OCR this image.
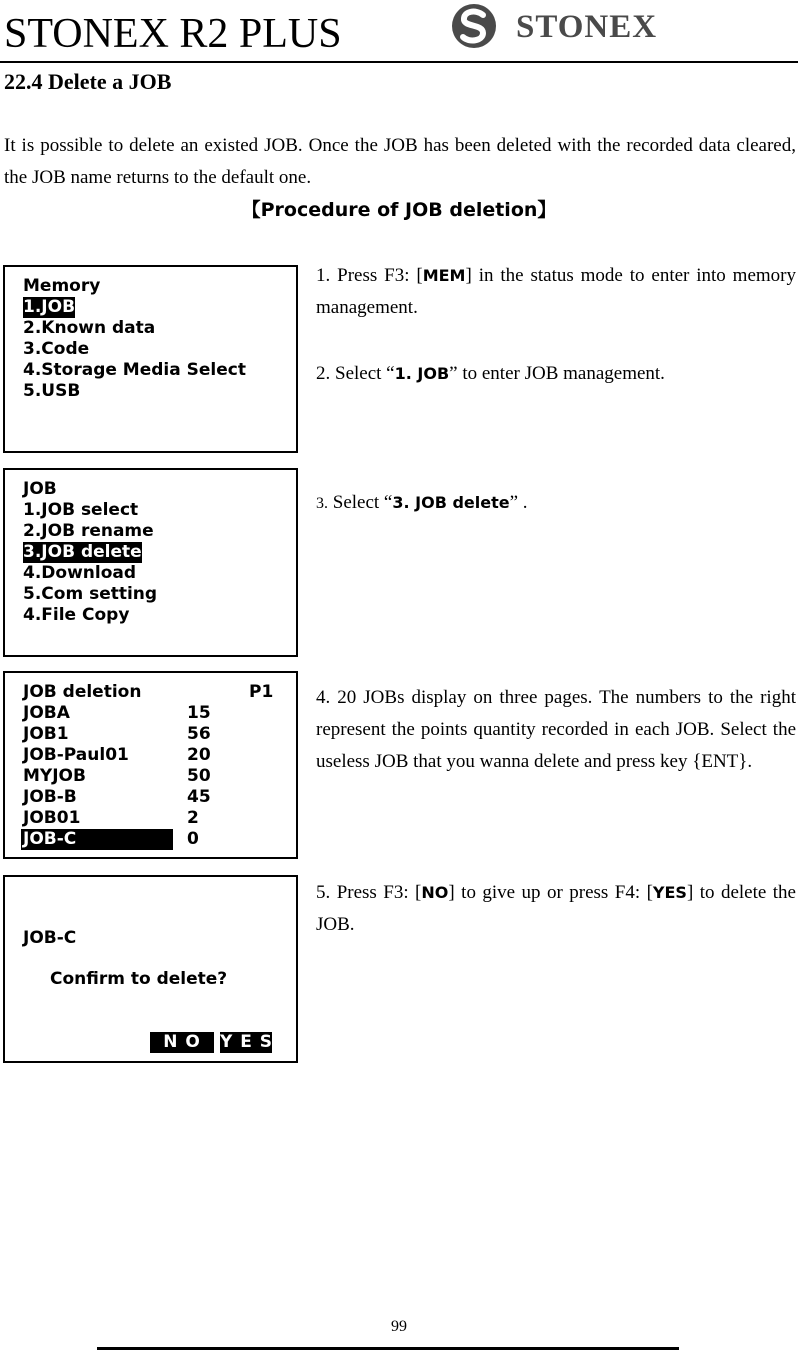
STONEX R2 PLUS	STONEX
22.4 Delete a JOB
It is possible to delete an existed JOB. Once the JOB has been deleted with the recorded data cleared, the JOB name returns to the default one.
【Procedure of JOB deletion】
Memory
1.JOB
2.Known data
3.Code
4.Storage Media Select
5.USB
JOB
1.JOB select
2.JOB rename
3.JOB delete
4.Download
5.Com setting
4.File Copy
JOB deletion	P1
JOBA	15
JOB1	56
JOB-Paul01	20
MYJOB	50
JOB-B	45
JOB01	2
JOB-C	0
JOB-C
Confirm to delete?
N O	Y E S
1. Press F3: [MEM] in the status mode to enter into memory management.
2. Select “1. JOB” to enter JOB management.
3. Select “3. JOB delete” .
4. 20 JOBs display on three pages. The numbers to the right represent the points quantity recorded in each JOB. Select the useless JOB that you wanna delete and press key {ENT}.
5. Press F3: [NO] to give up or press F4: [YES] to delete the JOB.
99
